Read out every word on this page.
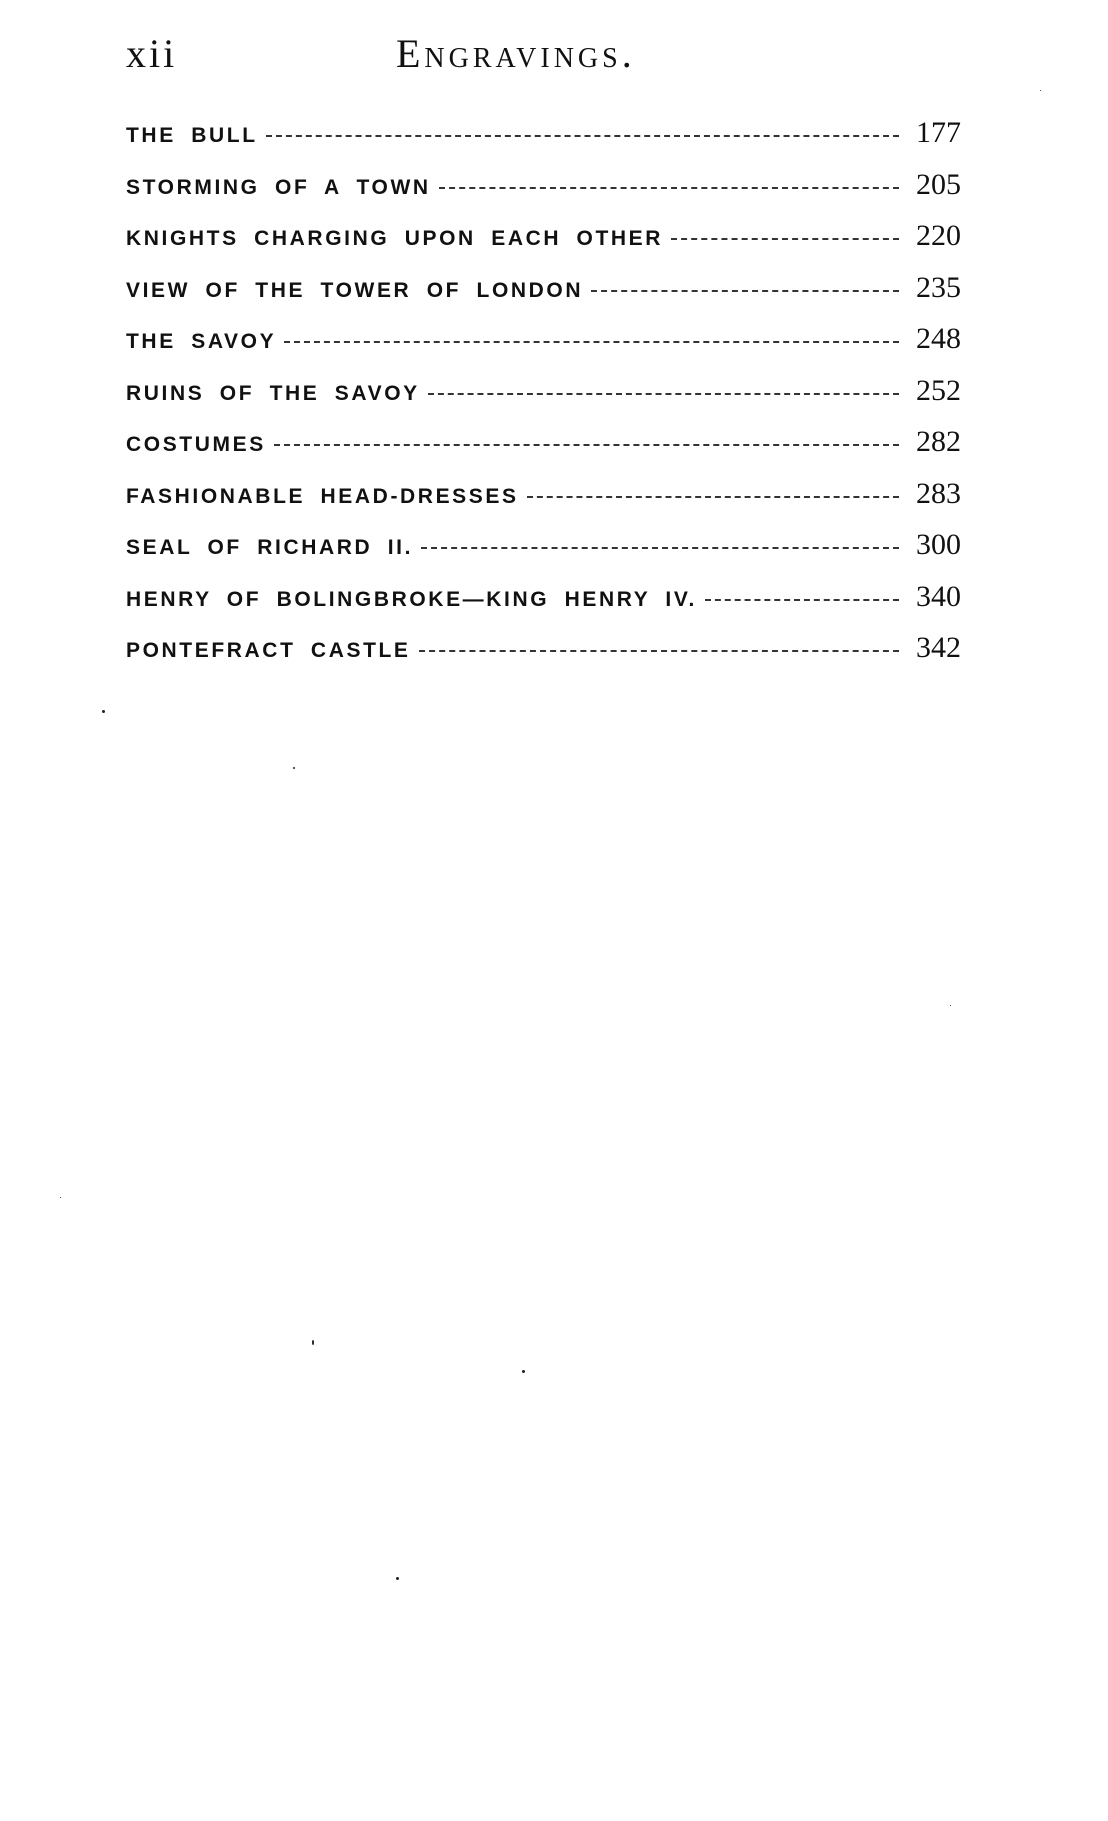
xii	Engravings.
THE BULL	177
STORMING OF A TOWN	205
KNIGHTS CHARGING UPON EACH OTHER	220
VIEW OF THE TOWER OF LONDON	235
THE SAVOY	248
RUINS OF THE SAVOY	252
COSTUMES	282
FASHIONABLE HEAD-DRESSES	283
SEAL OF RICHARD II.	300
HENRY OF BOLINGBROKE—KING HENRY IV.	340
PONTEFRACT CASTLE	342
